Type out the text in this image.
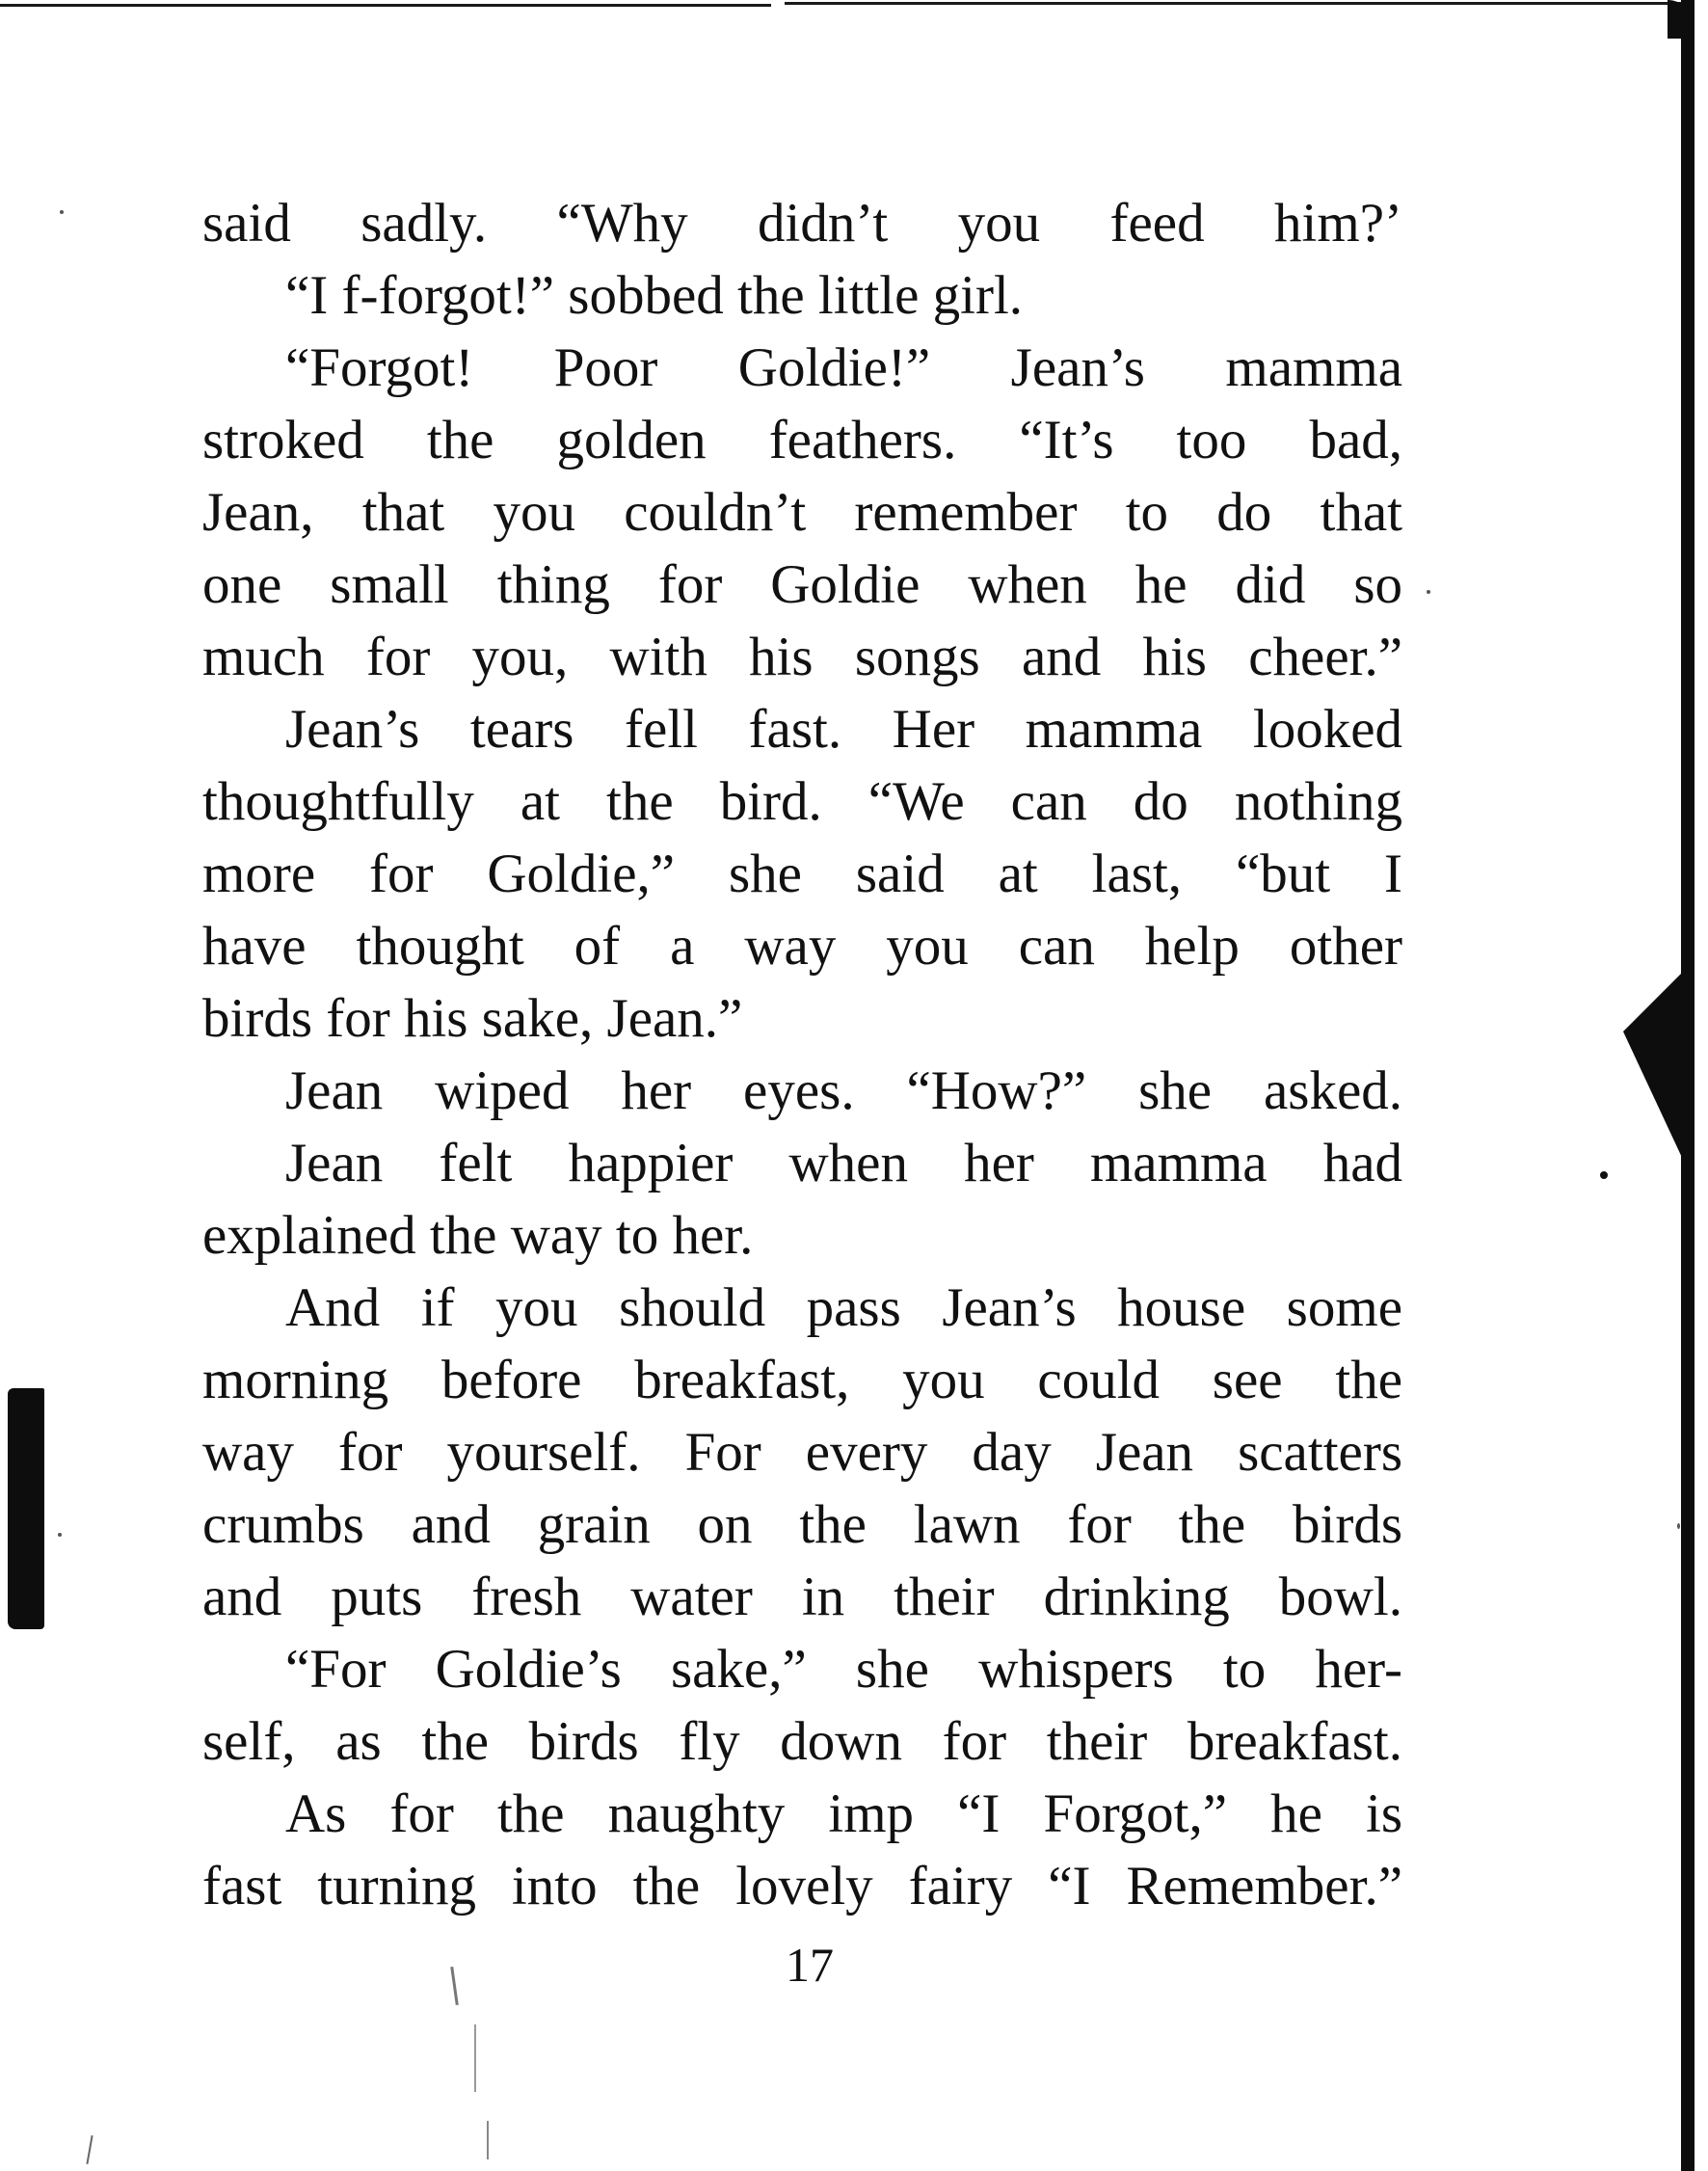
said sadly. “Why didn’t you feed him?’
“I f-forgot!” sobbed the little girl.
“Forgot! Poor Goldie!” Jean’s mamma
stroked the golden feathers. “It’s too bad,
Jean, that you couldn’t remember to do that
one small thing for Goldie when he did so
much for you, with his songs and his cheer.”
Jean’s tears fell fast. Her mamma looked
thoughtfully at the bird. “We can do nothing
more for Goldie,” she said at last, “but I
have thought of a way you can help other
birds for his sake, Jean.”
Jean wiped her eyes. “How?” she asked.
Jean felt happier when her mamma had
explained the way to her.
And if you should pass Jean’s house some
morning before breakfast, you could see the
way for yourself. For every day Jean scatters
crumbs and grain on the lawn for the birds
and puts fresh water in their drinking bowl.
“For Goldie’s sake,” she whispers to her-
self, as the birds fly down for their breakfast.
As for the naughty imp “I Forgot,” he is
fast turning into the lovely fairy “I Remember.”
17
